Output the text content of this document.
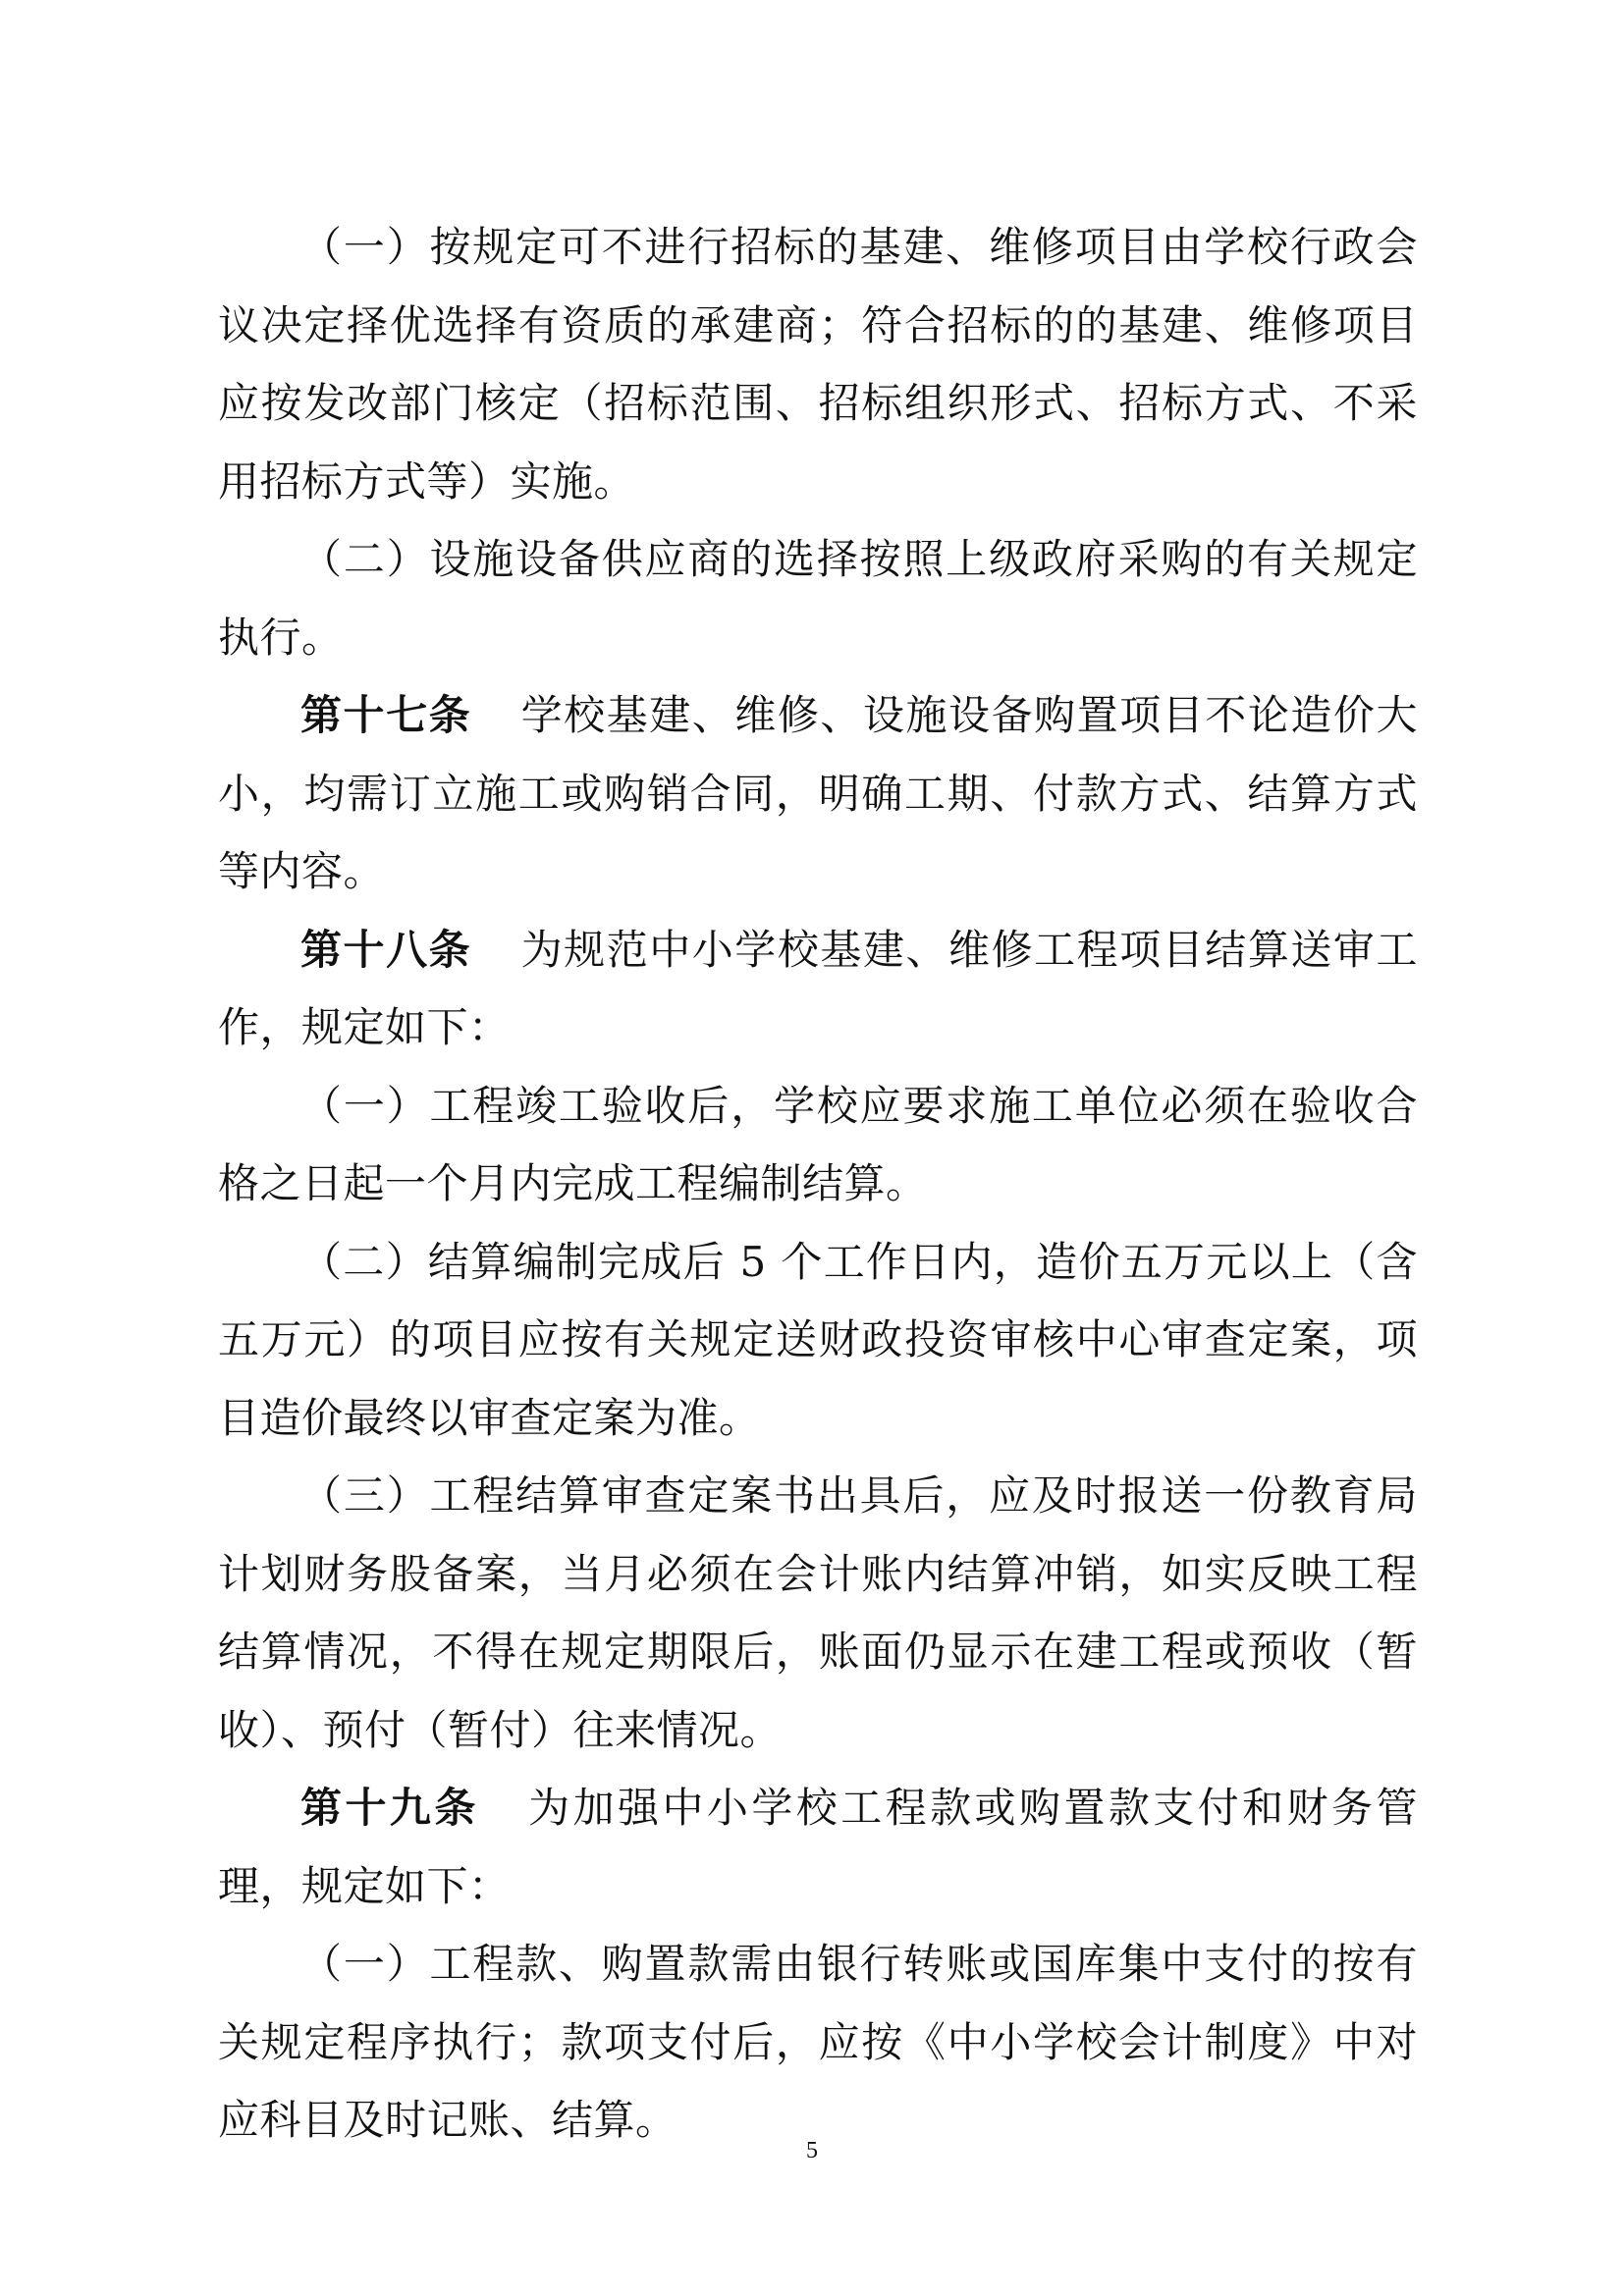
（一）按规定可不进行招标的基建、维修项目由学校行政会议决定择优选择有资质的承建商；符合招标的的基建、维修项目应按发改部门核定（招标范围、招标组织形式、招标方式、不采用招标方式等）实施。

（二）设施设备供应商的选择按照上级政府采购的有关规定执行。

第十七条 学校基建、维修、设施设备购置项目不论造价大小，均需订立施工或购销合同，明确工期、付款方式、结算方式等内容。

第十八条 为规范中小学校基建、维修工程项目结算送审工作，规定如下：

（一）工程竣工验收后，学校应要求施工单位必须在验收合格之日起一个月内完成工程编制结算。

（二）结算编制完成后 5 个工作日内，造价五万元以上（含五万元）的项目应按有关规定送财政投资审核中心审查定案，项目造价最终以审查定案为准。

（三）工程结算审查定案书出具后，应及时报送一份教育局计划财务股备案，当月必须在会计账内结算冲销，如实反映工程结算情况，不得在规定期限后，账面仍显示在建工程或预收（暂收）、预付（暂付）往来情况。

第十九条 为加强中小学校工程款或购置款支付和财务管理，规定如下：

（一）工程款、购置款需由银行转账或国库集中支付的按有关规定程序执行；款项支付后，应按《中小学校会计制度》中对应科目及时记账、结算。

5
